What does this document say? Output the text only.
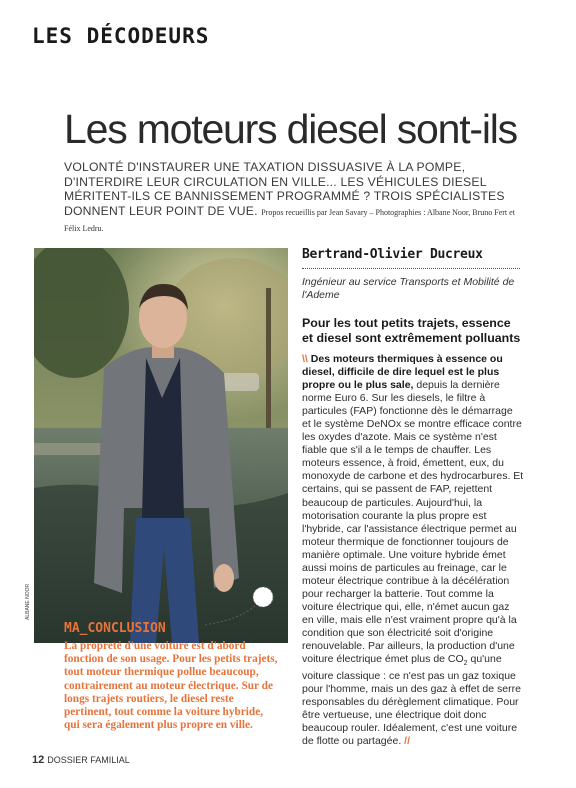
LES DÉCODEURS
Les moteurs diesel sont-ils
VOLONTÉ D'INSTAURER UNE TAXATION DISSUASIVE À LA POMPE, D'INTERDIRE LEUR CIRCULATION EN VILLE... LES VÉHICULES DIESEL MÉRITENT-ILS CE BANNISSEMENT PROGRAMMÉ ? TROIS SPÉCIALISTES DONNENT LEUR POINT DE VUE. Propos recueillis par Jean Savary – Photographies : Albane Noor, Bruno Fert et Félix Ledru.
ALBANE NOOR
MA_CONCLUSION
La propreté d'une voiture est d'abord fonction de son usage. Pour les petits trajets, tout moteur thermique pollue beaucoup, contrairement au moteur électrique. Sur de longs trajets routiers, le diesel reste pertinent, tout comme la voiture hybride, qui sera également plus propre en ville.
Bertrand-Olivier Ducreux
Ingénieur au service Transports et Mobilité de l'Ademe
Pour les tout petits trajets, essence et diesel sont extrêmement polluants
\\ Des moteurs thermiques à essence ou diesel, difficile de dire lequel est le plus propre ou le plus sale, depuis la dernière norme Euro 6. Sur les diesels, le filtre à particules (FAP) fonctionne dès le démarrage et le système DeNOx se montre efficace contre les oxydes d'azote. Mais ce système n'est fiable que s'il a le temps de chauffer. Les moteurs essence, à froid, émettent, eux, du monoxyde de carbone et des hydrocarbures. Et certains, qui se passent de FAP, rejettent beaucoup de particules. Aujourd'hui, la motorisation courante la plus propre est l'hybride, car l'assistance électrique permet au moteur thermique de fonctionner toujours de manière optimale. Une voiture hybride émet aussi moins de particules au freinage, car le moteur électrique contribue à la décélération pour recharger la batterie. Tout comme la voiture électrique qui, elle, n'émet aucun gaz en ville, mais elle n'est vraiment propre qu'à la condition que son électricité soit d'origine renouvelable. Par ailleurs, la production d'une voiture électrique émet plus de $CO_2$ qu'une voiture classique : ce n'est pas un gaz toxique pour l'homme, mais un des gaz à effet de serre responsables du dérèglement climatique. Pour être vertueuse, une électrique doit donc beaucoup rouler. Idéalement, c'est une voiture de flotte ou partagée. //
12 DOSSIER FAMILIAL
